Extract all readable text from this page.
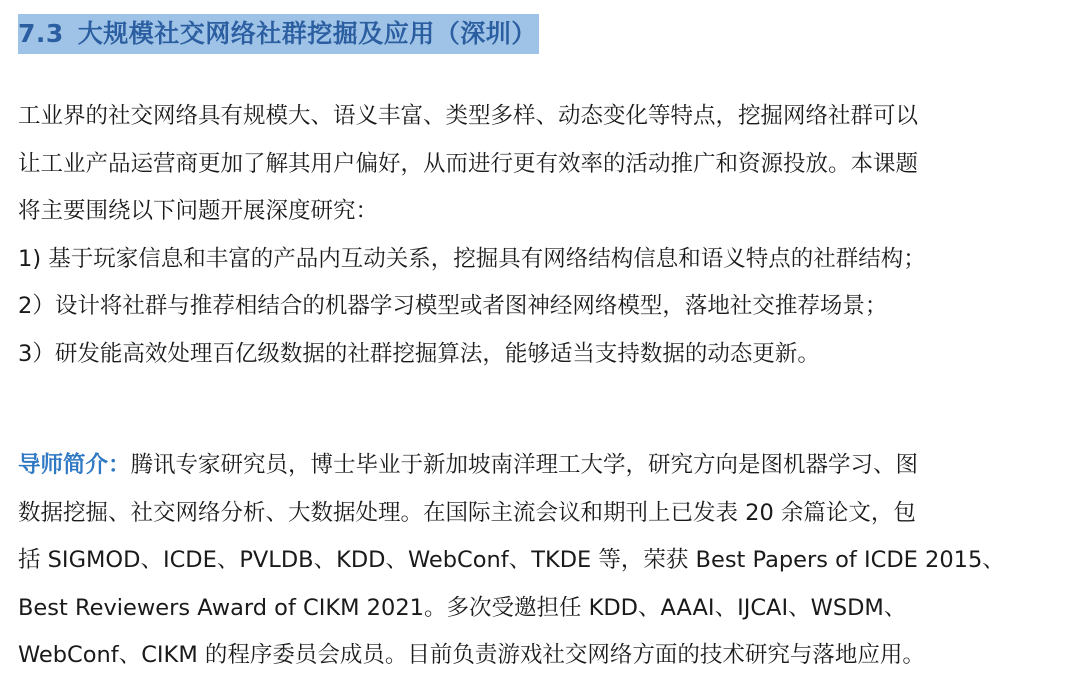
7.3 大规模社交网络社群挖掘及应用（深圳）
工业界的社交网络具有规模大、语义丰富、类型多样、动态变化等特点，挖掘网络社群可以
让工业产品运营商更加了解其用户偏好，从而进行更有效率的活动推广和资源投放。本课题
将主要围绕以下问题开展深度研究：
1) 基于玩家信息和丰富的产品内互动关系，挖掘具有网络结构信息和语义特点的社群结构；
2）设计将社群与推荐相结合的机器学习模型或者图神经网络模型，落地社交推荐场景；
3）研发能高效处理百亿级数据的社群挖掘算法，能够适当支持数据的动态更新。
导师简介：腾讯专家研究员，博士毕业于新加坡南洋理工大学，研究方向是图机器学习、图
数据挖掘、社交网络分析、大数据处理。在国际主流会议和期刊上已发表 20 余篇论文，包
括 SIGMOD、ICDE、PVLDB、KDD、WebConf、TKDE 等，荣获 Best Papers of ICDE 2015、
Best Reviewers Award of CIKM 2021。多次受邀担任 KDD、AAAI、IJCAI、WSDM、
WebConf、CIKM 的程序委员会成员。目前负责游戏社交网络方面的技术研究与落地应用。
